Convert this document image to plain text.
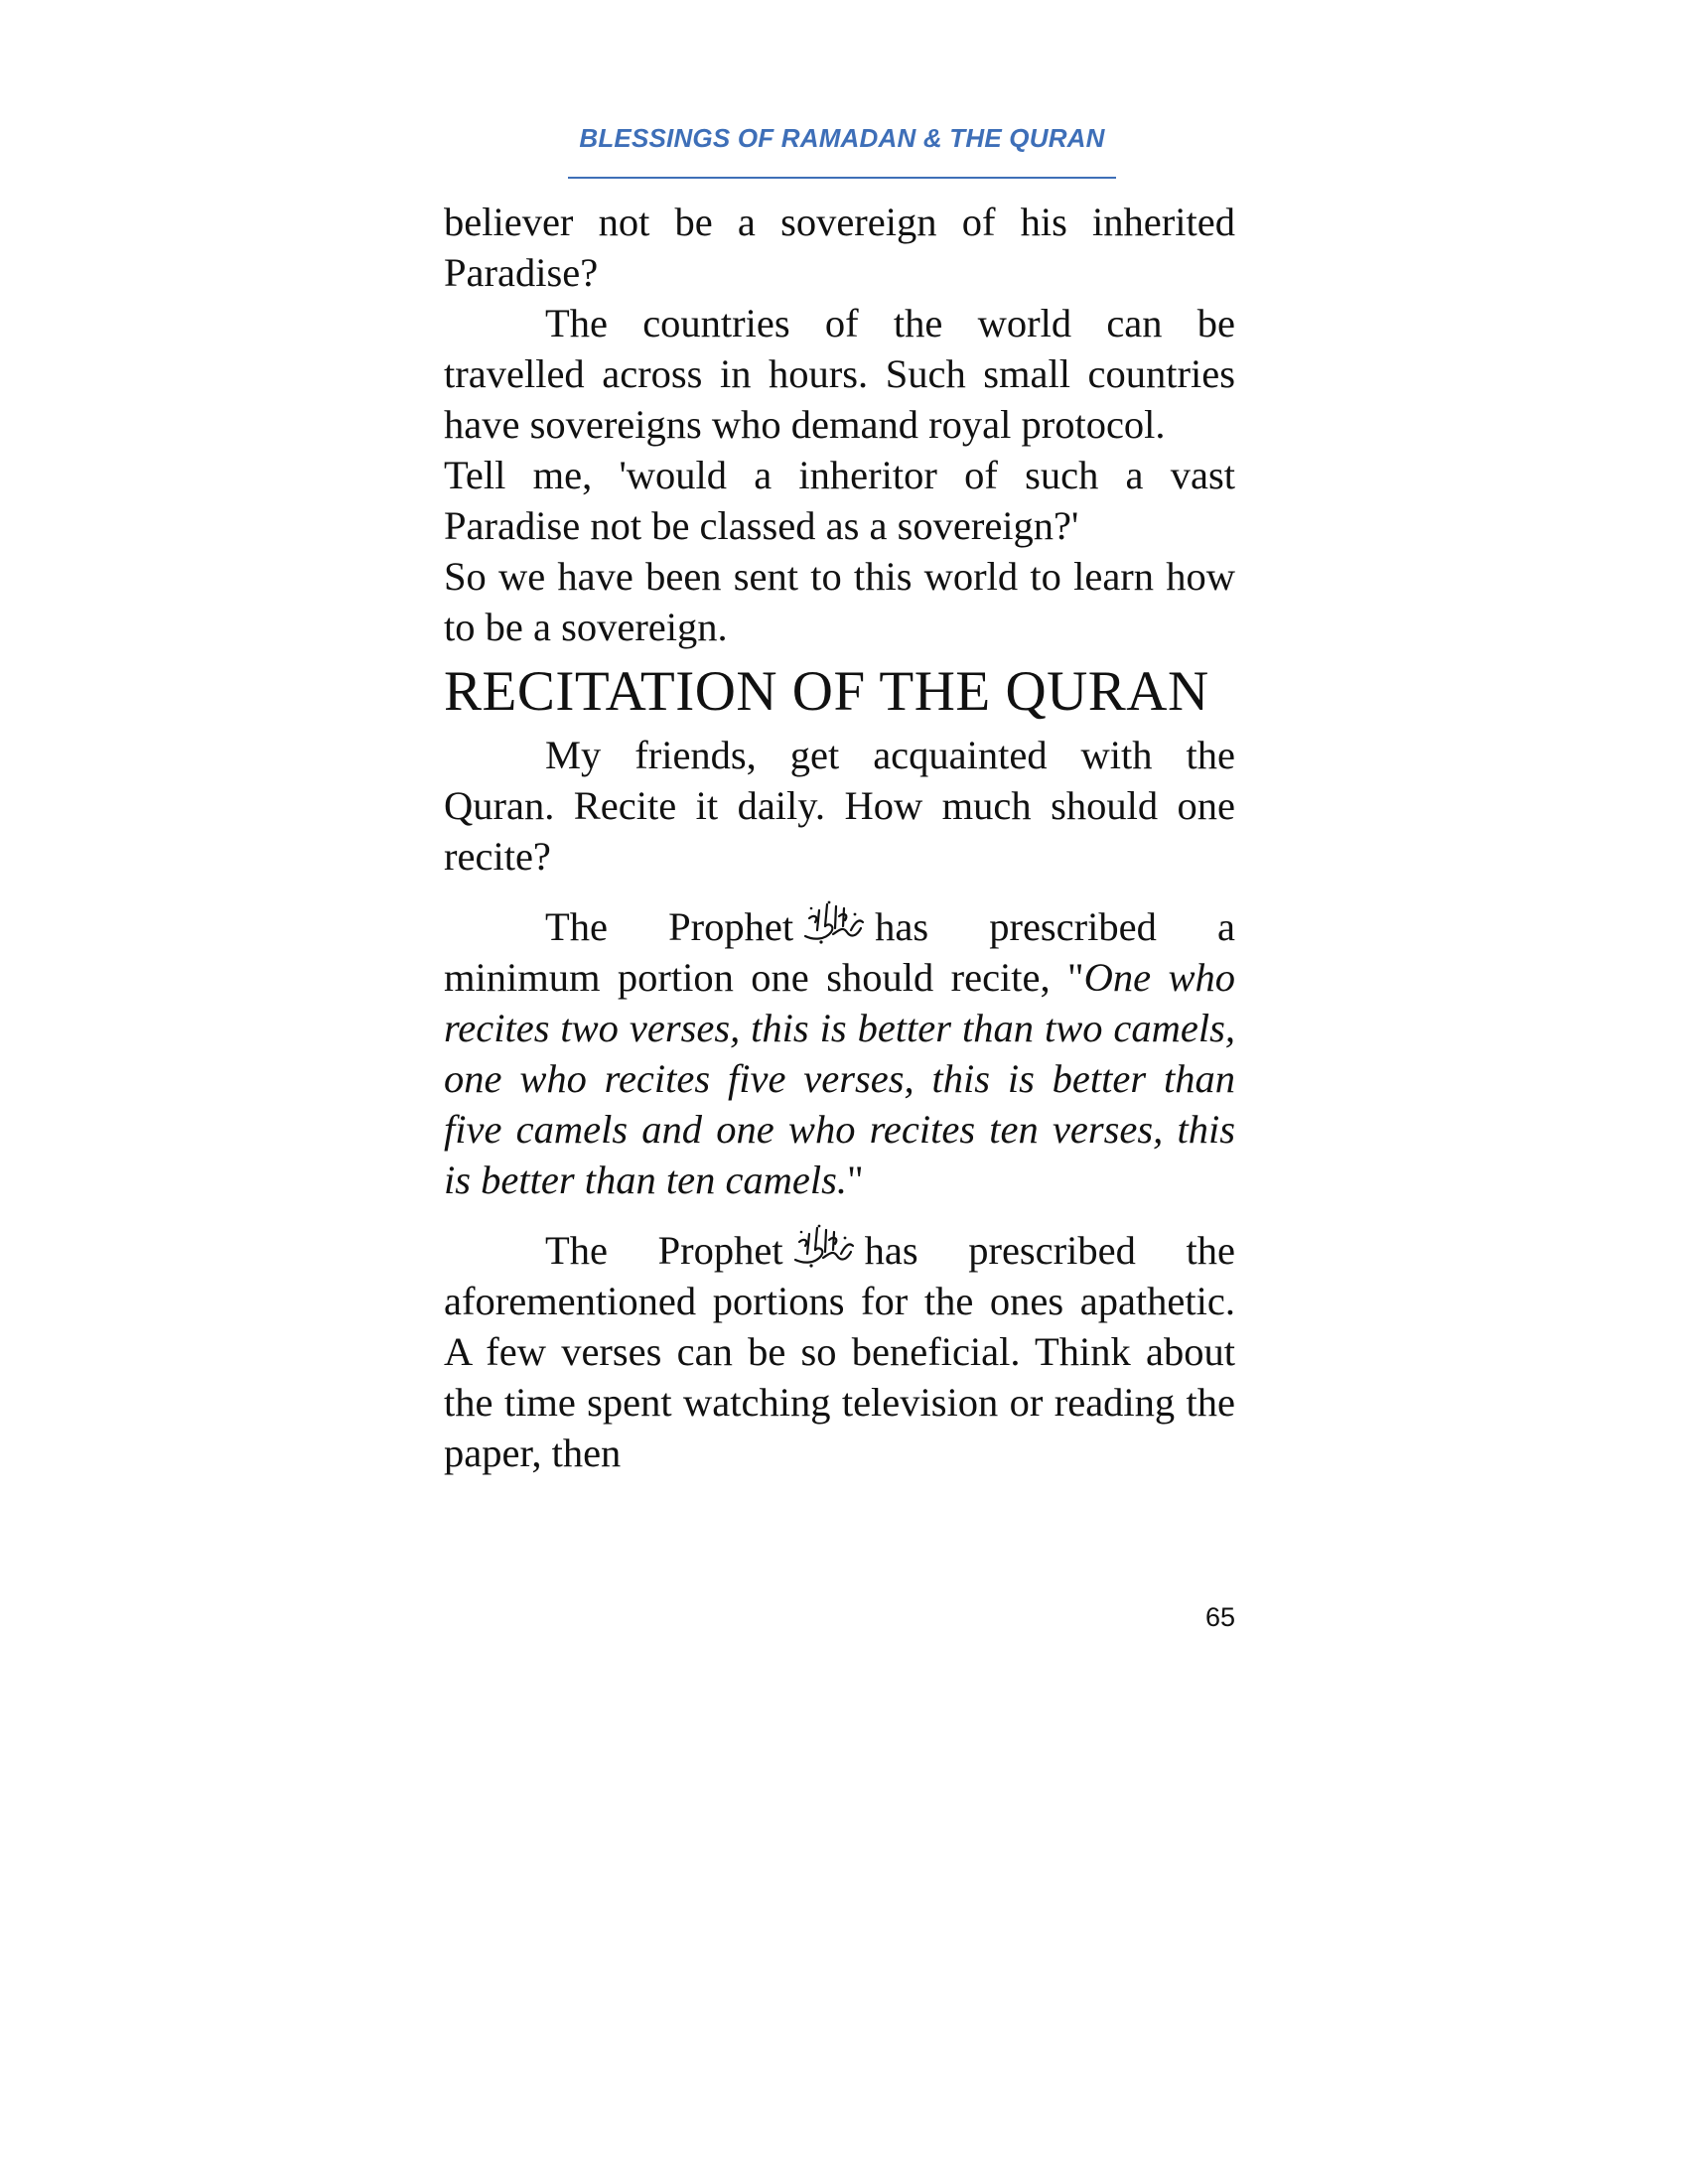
BLESSINGS OF RAMADAN & THE QURAN

believer not be a sovereign of his inherited Paradise?

The countries of the world can be travelled across in hours. Such small countries have sovereigns who demand royal protocol.

Tell me, 'would a inheritor of such a vast Paradise not be classed as a sovereign?'

So we have been sent to this world to learn how to be a sovereign.

RECITATION OF THE QURAN

My friends, get acquainted with the Quran. Recite it daily. How much should one recite?

The Prophet has prescribed a minimum portion one should recite, "One who recites two verses, this is better than two camels, one who recites five verses, this is better than five camels and one who recites ten verses, this is better than ten camels."

The Prophet has prescribed the aforementioned portions for the ones apathetic. A few verses can be so beneficial. Think about the time spent watching television or reading the paper, then

65
